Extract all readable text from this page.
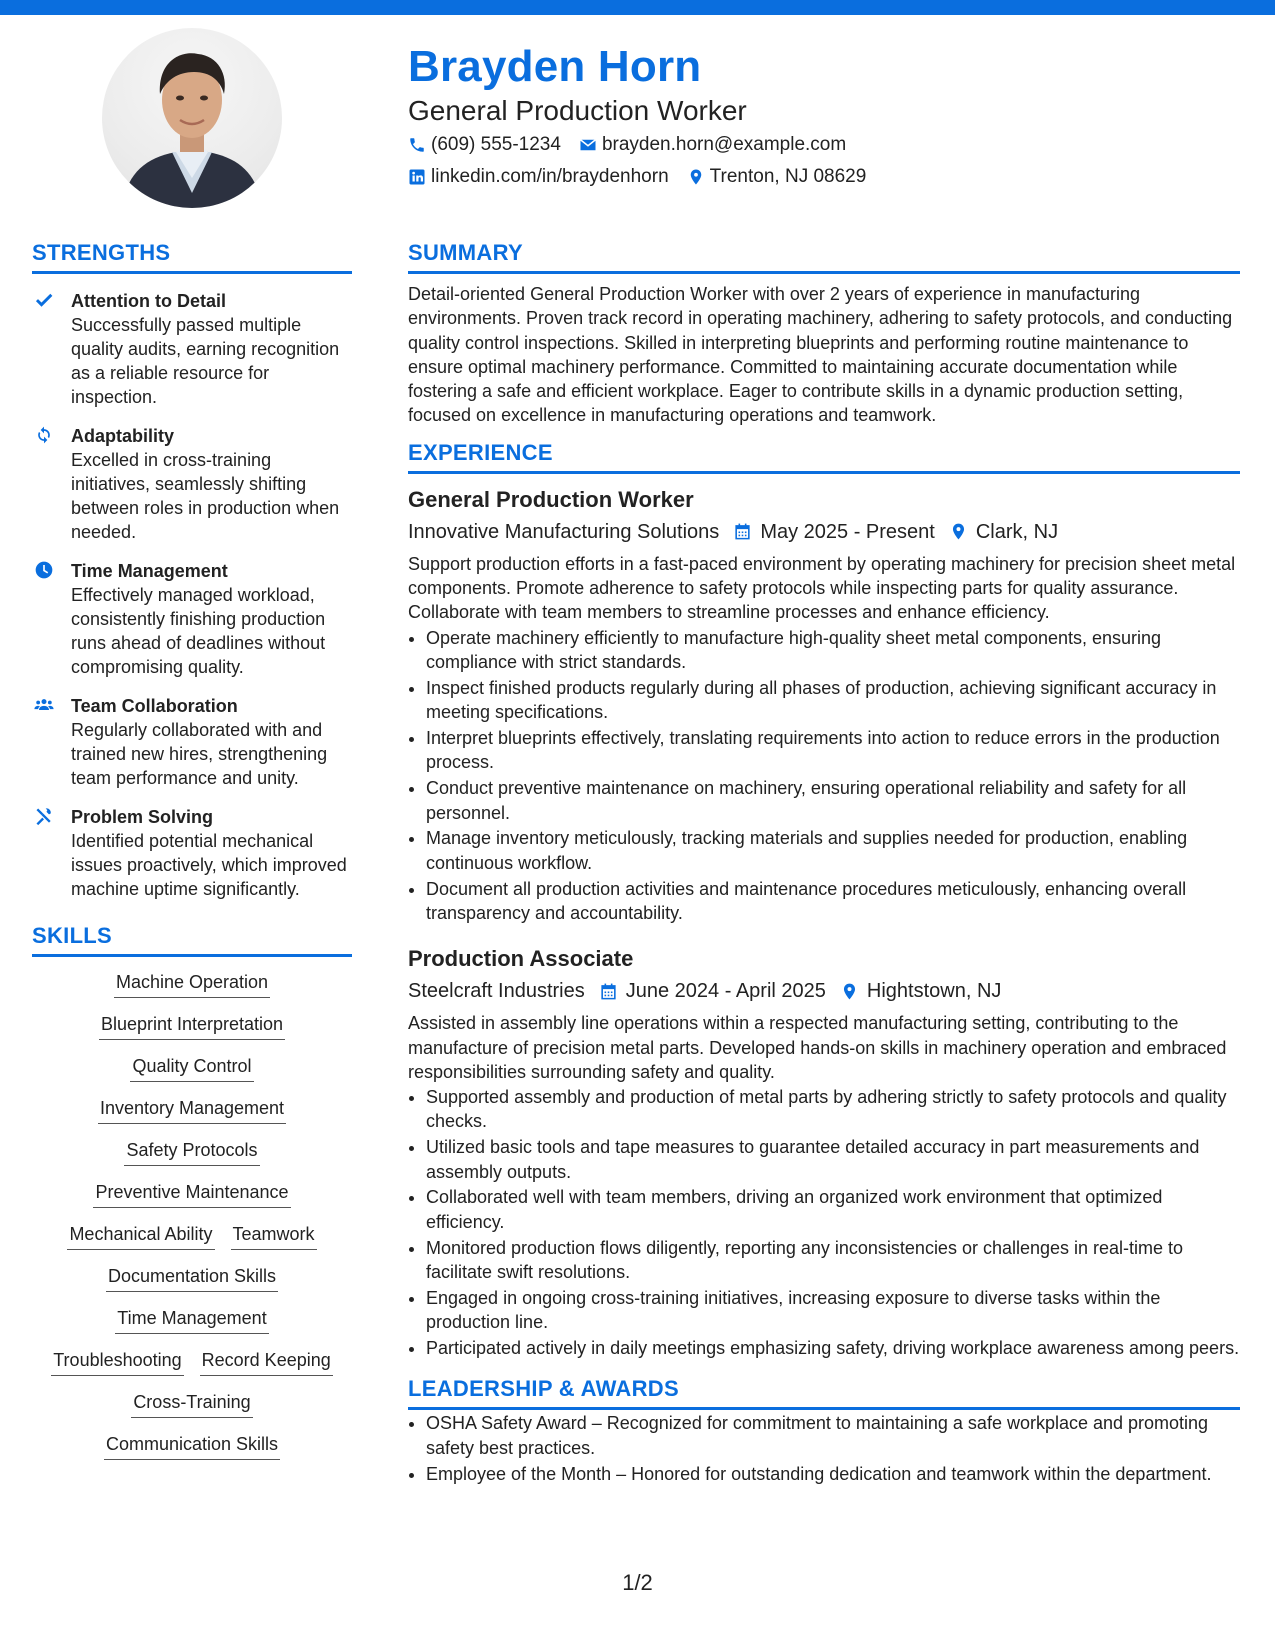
Brayden Horn
General Production Worker
(609) 555-1234 brayden.horn@example.com
linkedin.com/in/braydenhorn Trenton, NJ 08629
STRENGTHS
Attention to Detail
Successfully passed multiple quality audits, earning recognition as a reliable resource for inspection.
Adaptability
Excelled in cross-training initiatives, seamlessly shifting between roles in production when needed.
Time Management
Effectively managed workload, consistently finishing production runs ahead of deadlines without compromising quality.
Team Collaboration
Regularly collaborated with and trained new hires, strengthening team performance and unity.
Problem Solving
Identified potential mechanical issues proactively, which improved machine uptime significantly.
SKILLS
Machine Operation
Blueprint Interpretation
Quality Control
Inventory Management
Safety Protocols
Preventive Maintenance
Mechanical Ability Teamwork
Documentation Skills
Time Management
Troubleshooting Record Keeping
Cross-Training
Communication Skills
SUMMARY
Detail-oriented General Production Worker with over 2 years of experience in manufacturing environments. Proven track record in operating machinery, adhering to safety protocols, and conducting quality control inspections. Skilled in interpreting blueprints and performing routine maintenance to ensure optimal machinery performance. Committed to maintaining accurate documentation while fostering a safe and efficient workplace. Eager to contribute skills in a dynamic production setting, focused on excellence in manufacturing operations and teamwork.
EXPERIENCE
General Production Worker
Innovative Manufacturing Solutions May 2025 - Present Clark, NJ
Support production efforts in a fast-paced environment by operating machinery for precision sheet metal components. Promote adherence to safety protocols while inspecting parts for quality assurance. Collaborate with team members to streamline processes and enhance efficiency.
• Operate machinery efficiently to manufacture high-quality sheet metal components, ensuring compliance with strict standards.
• Inspect finished products regularly during all phases of production, achieving significant accuracy in meeting specifications.
• Interpret blueprints effectively, translating requirements into action to reduce errors in the production process.
• Conduct preventive maintenance on machinery, ensuring operational reliability and safety for all personnel.
• Manage inventory meticulously, tracking materials and supplies needed for production, enabling continuous workflow.
• Document all production activities and maintenance procedures meticulously, enhancing overall transparency and accountability.
Production Associate
Steelcraft Industries June 2024 - April 2025 Hightstown, NJ
Assisted in assembly line operations within a respected manufacturing setting, contributing to the manufacture of precision metal parts. Developed hands-on skills in machinery operation and embraced responsibilities surrounding safety and quality.
• Supported assembly and production of metal parts by adhering strictly to safety protocols and quality checks.
• Utilized basic tools and tape measures to guarantee detailed accuracy in part measurements and assembly outputs.
• Collaborated well with team members, driving an organized work environment that optimized efficiency.
• Monitored production flows diligently, reporting any inconsistencies or challenges in real-time to facilitate swift resolutions.
• Engaged in ongoing cross-training initiatives, increasing exposure to diverse tasks within the production line.
• Participated actively in daily meetings emphasizing safety, driving workplace awareness among peers.
LEADERSHIP & AWARDS
• OSHA Safety Award – Recognized for commitment to maintaining a safe workplace and promoting safety best practices.
• Employee of the Month – Honored for outstanding dedication and teamwork within the department.
1/2
